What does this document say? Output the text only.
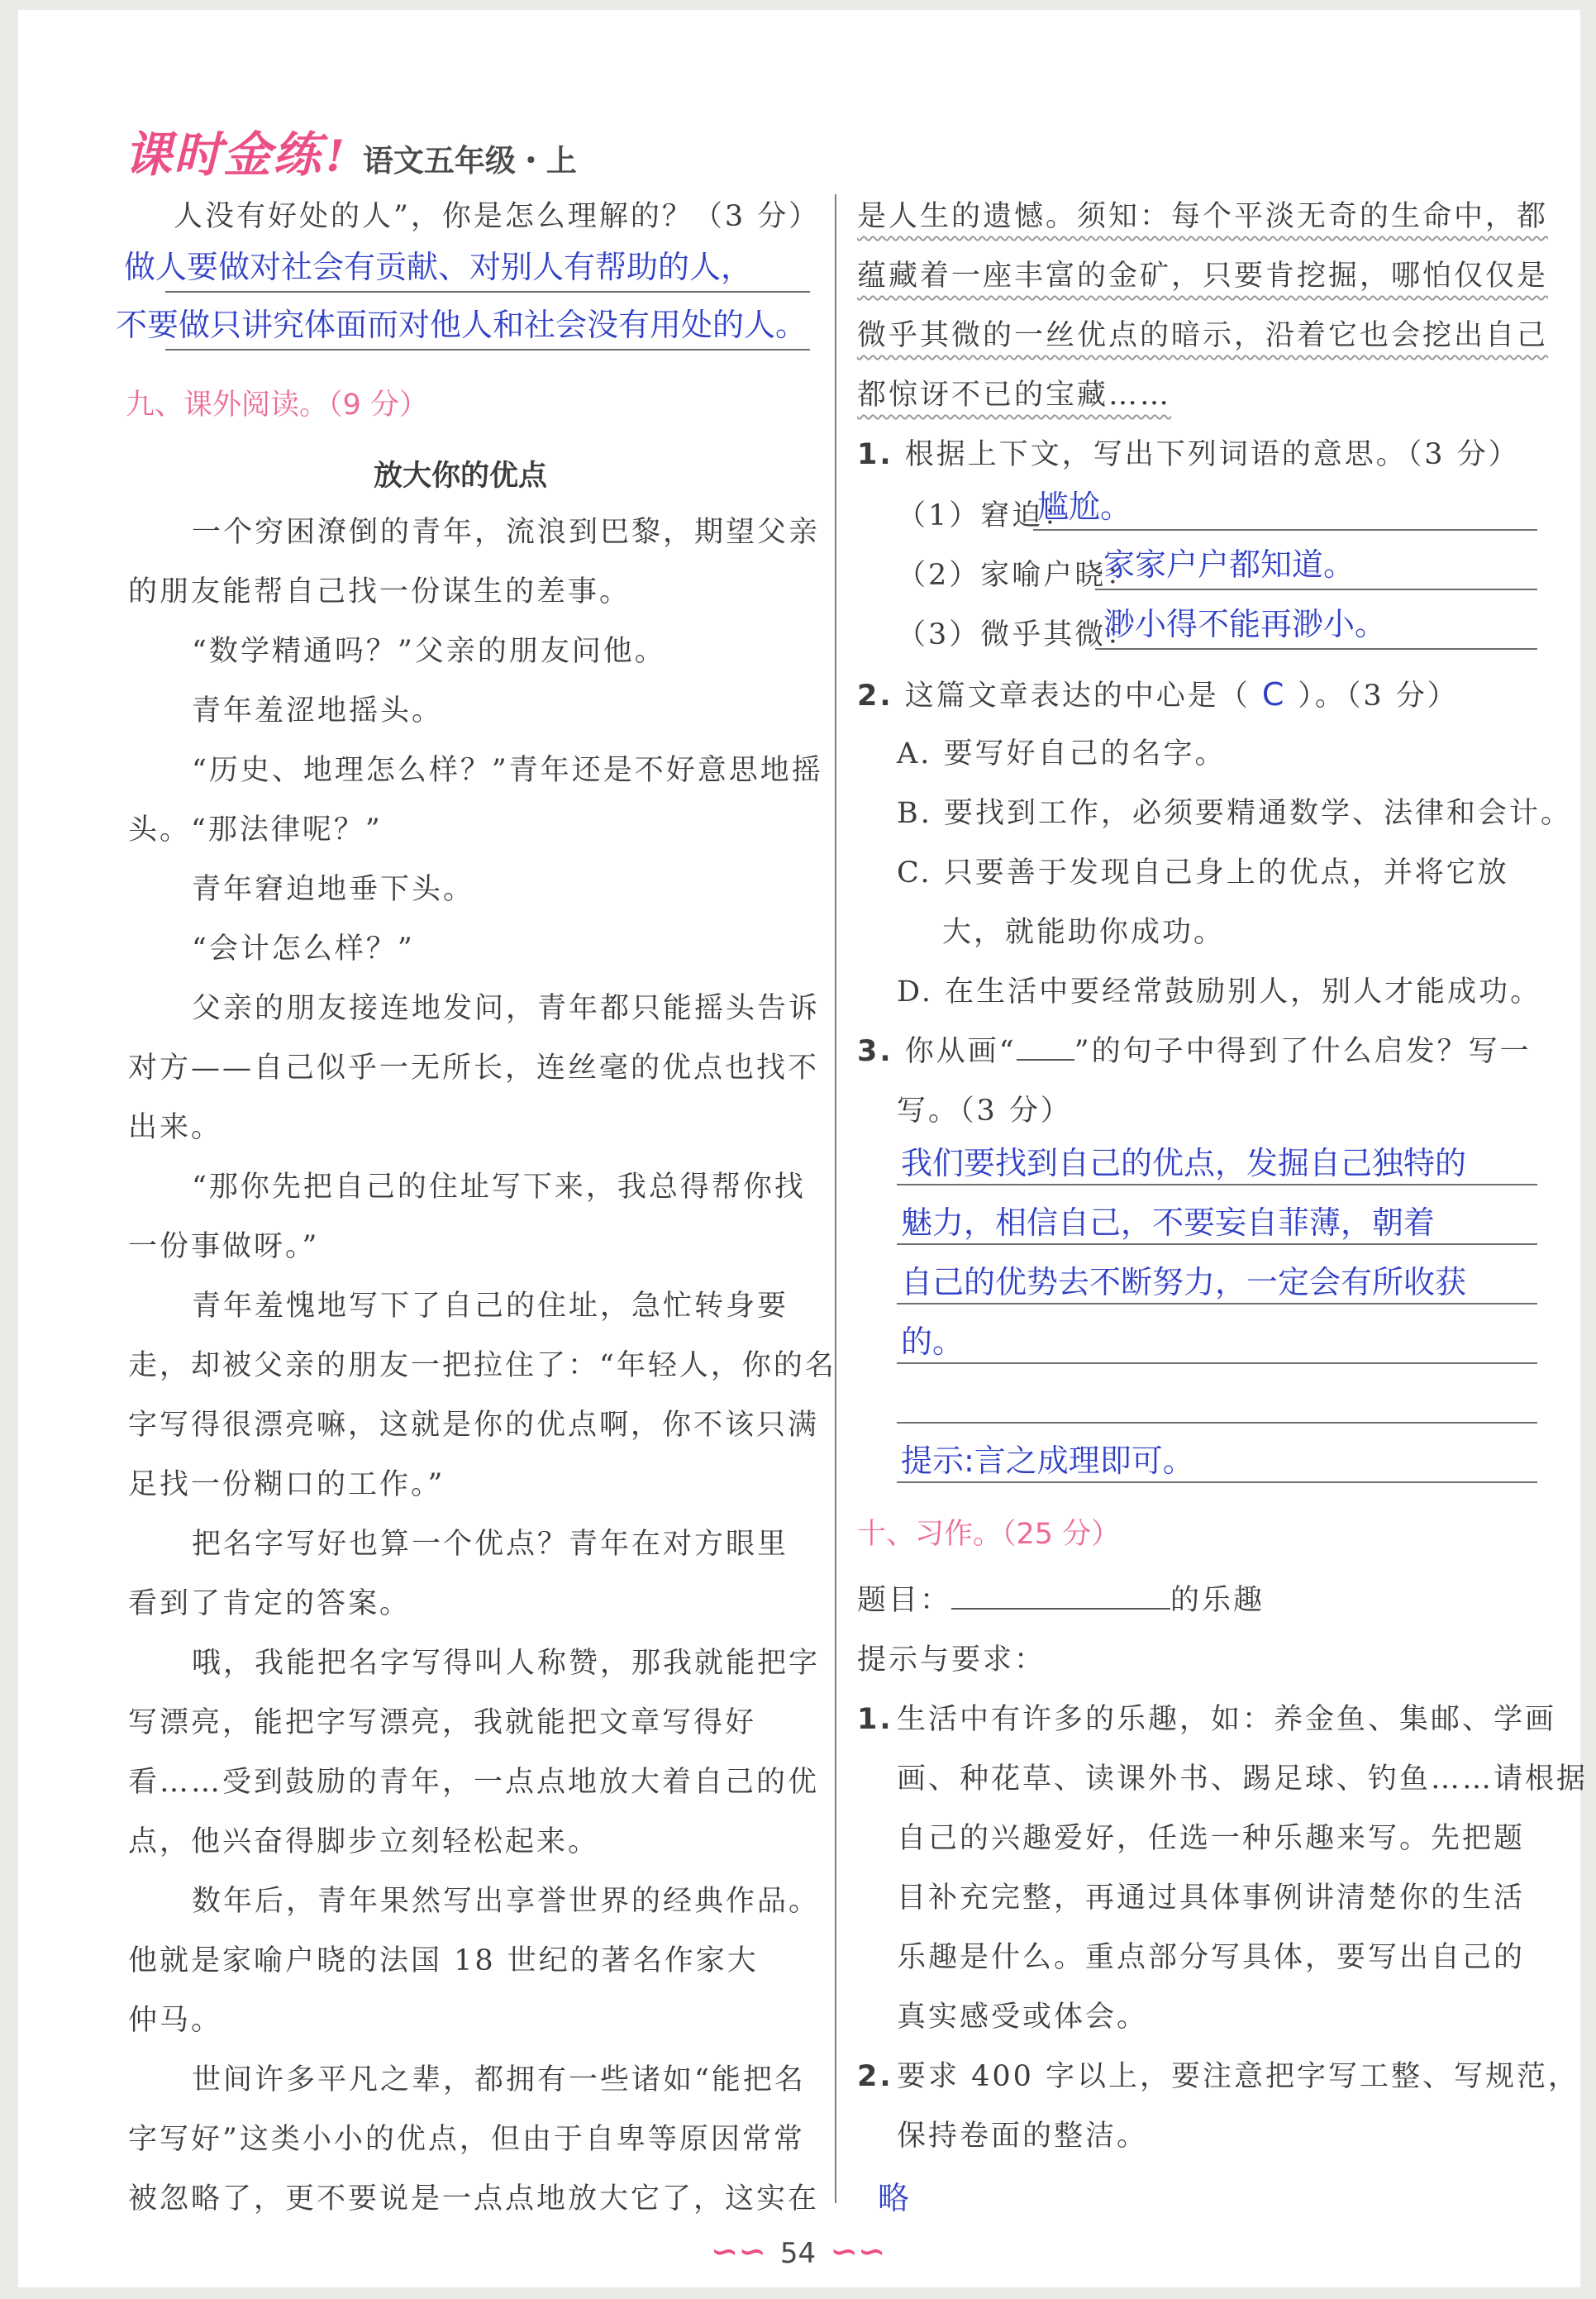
课时金练 ! 语文五年级・上
人没有好处的人”，你是怎么理解的？（3 分）
做人要做对社会有贡献、对别人有帮助的人，
不要做只讲究体面而对他人和社会没有用处的人。
九、课外阅读。（9 分）
放大你的优点
一个穷困潦倒的青年，流浪到巴黎，期望父亲
的朋友能帮自己找一份谋生的差事。
“数学精通吗？”父亲的朋友问他。
青年羞涩地摇头。
“历史、地理怎么样？”青年还是不好意思地摇
头。“那法律呢？”
青年窘迫地垂下头。
“会计怎么样？”
父亲的朋友接连地发问，青年都只能摇头告诉
对方——自己似乎一无所长，连丝毫的优点也找不
出来。
“那你先把自己的住址写下来，我总得帮你找
一份事做呀。”
青年羞愧地写下了自己的住址，急忙转身要
走，却被父亲的朋友一把拉住了：“年轻人，你的名
字写得很漂亮嘛，这就是你的优点啊，你不该只满
足找一份糊口的工作。”
把名字写好也算一个优点？青年在对方眼里
看到了肯定的答案。
哦，我能把名字写得叫人称赞，那我就能把字
写漂亮，能把字写漂亮，我就能把文章写得好
看……受到鼓励的青年，一点点地放大着自己的优
点，他兴奋得脚步立刻轻松起来。
数年后，青年果然写出享誉世界的经典作品。
他就是家喻户晓的法国 18 世纪的著名作家大
仲马。
世间许多平凡之辈，都拥有一些诸如“能把名
字写好”这类小小的优点，但由于自卑等原因常常
被忽略了，更不要说是一点点地放大它了，这实在
是人生的遗憾。须知：每个平淡无奇的生命中，都
蕴藏着一座丰富的金矿，只要肯挖掘，哪怕仅仅是
微乎其微的一丝优点的暗示，沿着它也会挖出自己
都惊讶不已的宝藏……
1. 根据上下文，写出下列词语的意思。（3 分）
（1）窘迫：
尴尬。
（2）家喻户晓：
家家户户都知道。
（3）微乎其微：
渺小得不能再渺小。
2. 这篇文章表达的中心是（ C ）。（3 分）
A. 要写好自己的名字。
B. 要找到工作，必须要精通数学、法律和会计。
C. 只要善于发现自己身上的优点，并将它放
大，就能助你成功。
D. 在生活中要经常鼓励别人，别人才能成功。
3. 你从画“ ”的句子中得到了什么启发？写一
写。（3 分）
我们要找到自己的优点，发掘自己独特的
魅力，相信自己，不要妄自菲薄，朝着
自己的优势去不断努力，一定会有所收获
的。
提示:言之成理即可。
十、习作。（25 分）
题目：	的乐趣
提示与要求：
1. 生活中有许多的乐趣，如：养金鱼、集邮、学画
画、种花草、读课外书、踢足球、钓鱼……请根据
自己的兴趣爱好，任选一种乐趣来写。先把题
目补充完整，再通过具体事例讲清楚你的生活
乐趣是什么。重点部分写具体，要写出自己的
真实感受或体会。
2. 要求 400 字以上，要注意把字写工整、写规范，
保持卷面的整洁。
略
∽∽ 54 ∽∽
